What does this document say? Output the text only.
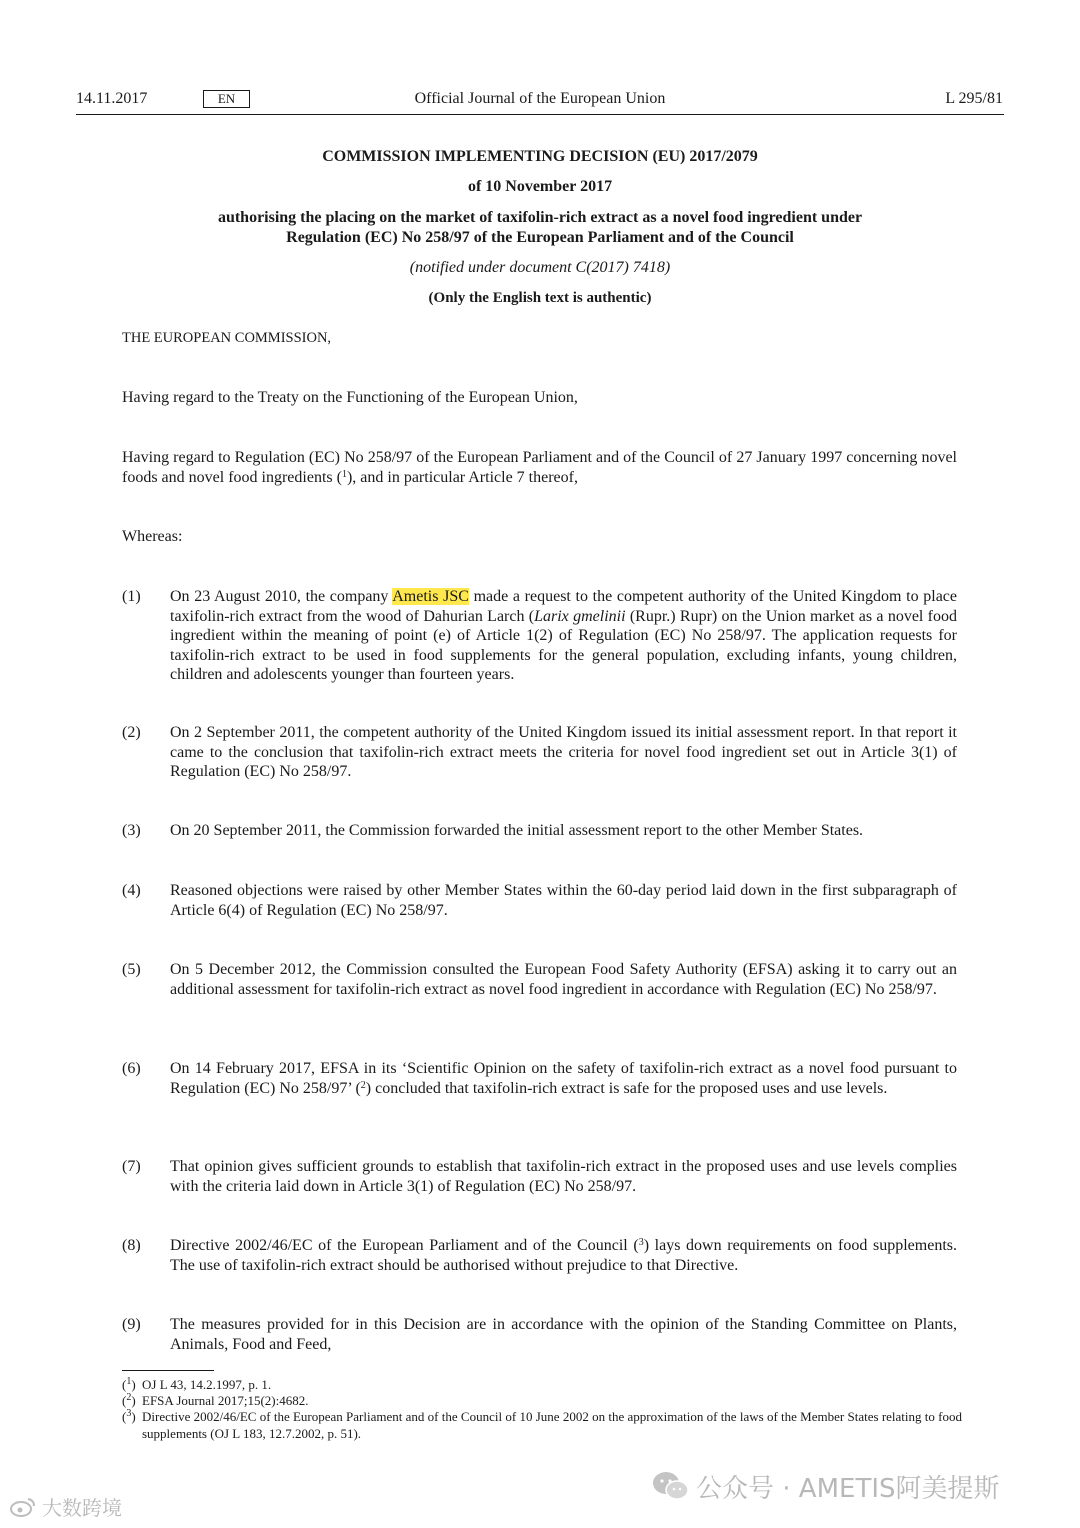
14.11.2017	EN	Official Journal of the European Union	L 295/81
COMMISSION IMPLEMENTING DECISION (EU) 2017/2079
of 10 November 2017
authorising the placing on the market of taxifolin-rich extract as a novel food ingredient under
Regulation (EC) No 258/97 of the European Parliament and of the Council
(notified under document C(2017) 7418)
(Only the English text is authentic)
THE EUROPEAN COMMISSION,
Having regard to the Treaty on the Functioning of the European Union,
Having regard to Regulation (EC) No 258/97 of the European Parliament and of the Council of 27 January 1997 concerning novel foods and novel food ingredients ($^1$), and in particular Article 7 thereof,
Whereas:
(1) On 23 August 2010, the company Ametis JSC made a request to the competent authority of the United Kingdom to place taxifolin-rich extract from the wood of Dahurian Larch (Larix gmelinii (Rupr.) Rupr) on the Union market as a novel food ingredient within the meaning of point (e) of Article 1(2) of Regulation (EC) No 258/97. The application requests for taxifolin-rich extract to be used in food supplements for the general population, excluding infants, young children, children and adolescents younger than fourteen years.
(2) On 2 September 2011, the competent authority of the United Kingdom issued its initial assessment report. In that report it came to the conclusion that taxifolin-rich extract meets the criteria for novel food ingredient set out in Article 3(1) of Regulation (EC) No 258/97.
(3) On 20 September 2011, the Commission forwarded the initial assessment report to the other Member States.
(4) Reasoned objections were raised by other Member States within the 60-day period laid down in the first subparagraph of Article 6(4) of Regulation (EC) No 258/97.
(5) On 5 December 2012, the Commission consulted the European Food Safety Authority (EFSA) asking it to carry out an additional assessment for taxifolin-rich extract as novel food ingredient in accordance with Regulation (EC) No 258/97.
(6) On 14 February 2017, EFSA in its ‘Scientific Opinion on the safety of taxifolin-rich extract as a novel food pursuant to Regulation (EC) No 258/97’ ($^2$) concluded that taxifolin-rich extract is safe for the proposed uses and use levels.
(7) That opinion gives sufficient grounds to establish that taxifolin-rich extract in the proposed uses and use levels complies with the criteria laid down in Article 3(1) of Regulation (EC) No 258/97.
(8) Directive 2002/46/EC of the European Parliament and of the Council ($^3$) lays down requirements on food supplements. The use of taxifolin-rich extract should be authorised without prejudice to that Directive.
(9) The measures provided for in this Decision are in accordance with the opinion of the Standing Committee on Plants, Animals, Food and Feed,
($^1$) OJ L 43, 14.2.1997, p. 1.
($^2$) EFSA Journal 2017;15(2):4682.
($^3$) Directive 2002/46/EC of the European Parliament and of the Council of 10 June 2002 on the approximation of the laws of the Member States relating to food supplements (OJ L 183, 12.7.2002, p. 51).
大数跨境
公众号 · AMETIS阿美提斯
